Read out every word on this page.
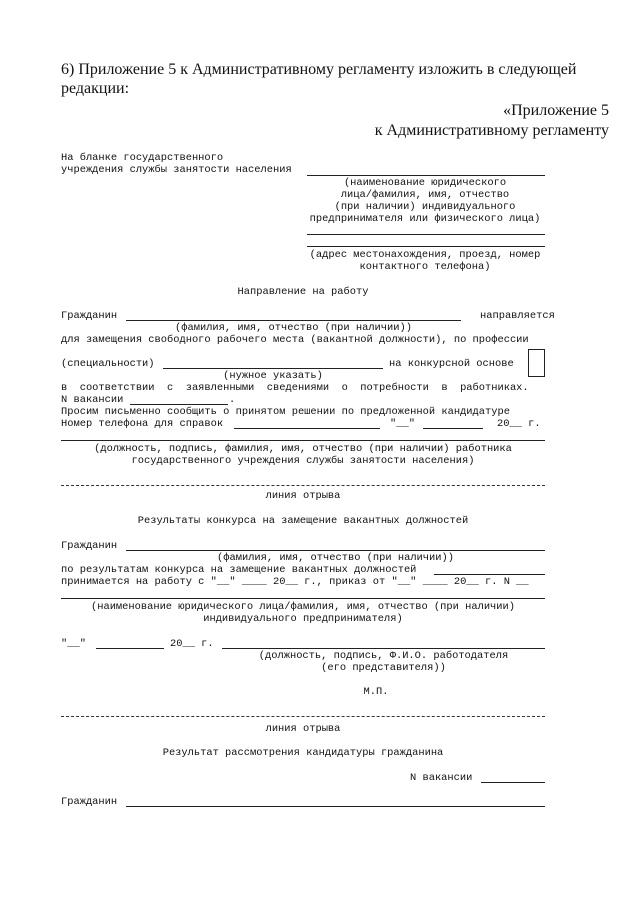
6) Приложение 5 к Административному регламенту изложить в следующей
редакции:
«Приложение 5
к Административному регламенту
На бланке государственного
учреждения службы занятости населения
(наименование юридического
лица/фамилия, имя, отчество
(при наличии) индивидуального
предпринимателя или физического лица)
(адрес местонахождения, проезд, номер
контактного телефона)
Направление на работу
Гражданин	направляется
(фамилия, имя, отчество (при наличии))
для замещения свободного рабочего места (вакантной должности), по профессии
(специальности)	на конкурсной основе
(нужное указать)
в  соответствии  с  заявленными  сведениями  о  потребности  в  работниках.
N вакансии	.
Просим письменно сообщить о принятом решении по предложенной кандидатуре
Номер телефона для справок	"__"	20__ г.
(должность, подпись, фамилия, имя, отчество (при наличии) работника
государственного учреждения службы занятости населения)
линия отрыва
Результаты конкурса на замещение вакантных должностей
Гражданин
(фамилия, имя, отчество (при наличии))
по результатам конкурса на замещение вакантных должностей
принимается на работу с "__" ____ 20__ г., приказ от "__" ____ 20__ г. N __
(наименование юридического лица/фамилия, имя, отчество (при наличии)
индивидуального предпринимателя)
"__"	20__ г.
(должность, подпись, Ф.И.О. работодателя
(его представителя))
М.П.
линия отрыва
Результат рассмотрения кандидатуры гражданина
N вакансии
Гражданин
